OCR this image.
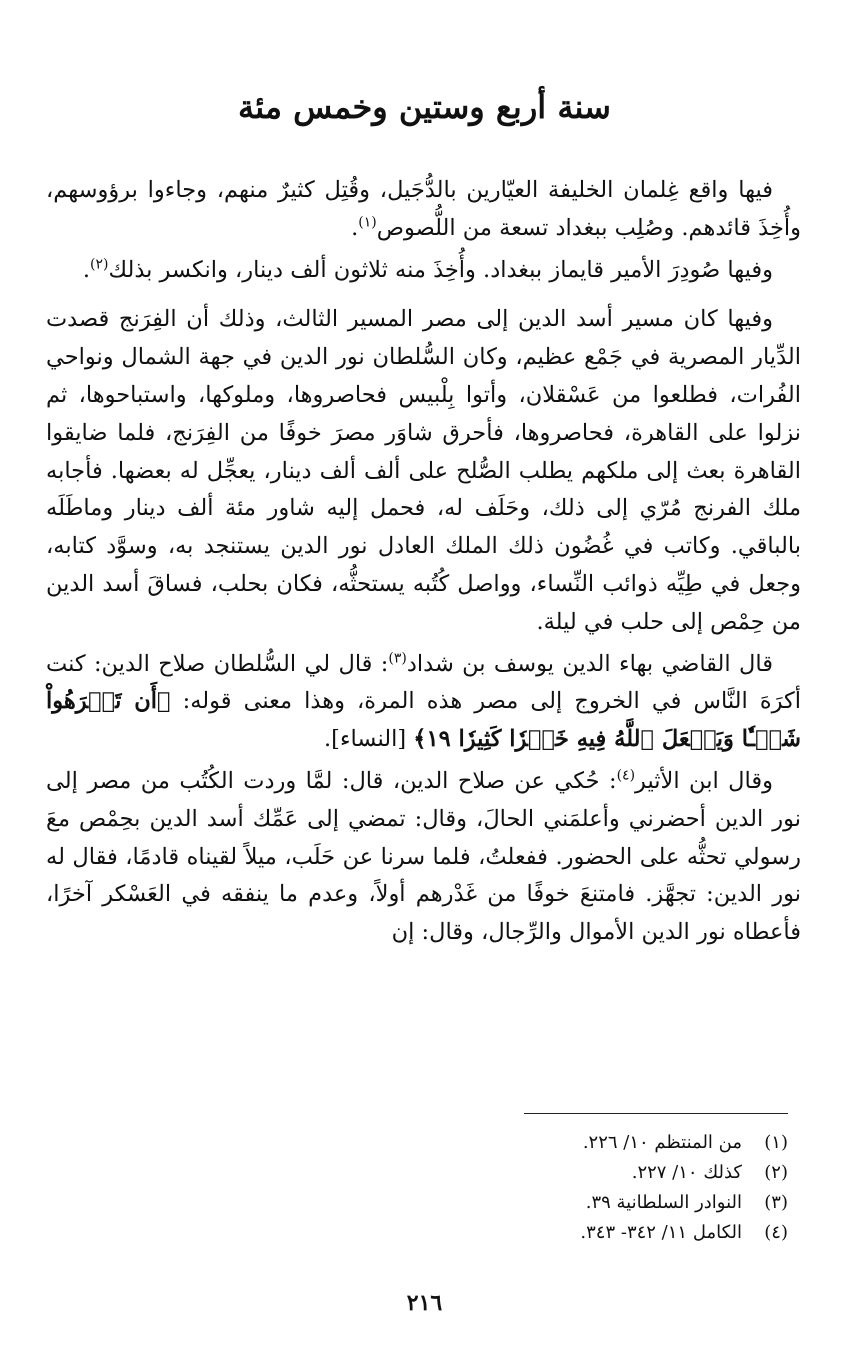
سنة أربع وستين وخمس مئة

فيها واقع غِلمان الخليفة العيّارين بالدُّجَيل، وقُتِل كثيرٌ منهم، وجاءوا برؤوسهم، وأُخِذَ قائدهم. وصُلِب ببغداد تسعة من اللُّصوص$^{(١)}$.

وفيها صُودِرَ الأمير قايماز ببغداد. وأُخِذَ منه ثلاثون ألف دينار، وانكسر بذلك$^{(٢)}$.

وفيها كان مسير أسد الدين إلى مصر المسير الثالث، وذلك أن الفِرَنج قصدت الدِّيار المصرية في جَمْع عظيم، وكان السُّلطان نور الدين في جهة الشمال ونواحي الفُرات، فطلعوا من عَسْقلان، وأتوا بِلْبيس فحاصروها، وملوكها، واستباحوها، ثم نزلوا على القاهرة، فحاصروها، فأحرق شاوَر مصرَ خوفًا من الفِرَنج، فلما ضايقوا القاهرة بعث إلى ملكهم يطلب الصُّلح على ألف ألف دينار، يعجِّل له بعضها. فأجابه ملك الفرنج مُرّي إلى ذلك، وحَلَف له، فحمل إليه شاور مئة ألف دينار وماطَلَه بالباقي. وكاتب في غُضُون ذلك الملك العادل نور الدين يستنجد به، وسوَّد كتابه، وجعل في طِيِّه ذوائب النِّساء، وواصل كُتُبه يستحثُّه، فكان بحلب، فساقَ أسد الدين من حِمْص إلى حلب في ليلة.

قال القاضي بهاء الدين يوسف بن شداد$^{(٣)}$: قال لي السُّلطان صلاح الدين: كنت أكرَهَ النَّاس في الخروج إلى مصر هذه المرة، وهذا معنى قوله: ﴿أَن تَكۡرَهُواْ شَيۡـٔٗا وَيَجۡعَلَ ٱللَّهُ فِيهِ خَيۡرٗا كَثِيرٗا ١٩﴾ [النساء].

وقال ابن الأثير$^{(٤)}$: حُكي عن صلاح الدين، قال: لمَّا وردت الكُتُب من مصر إلى نور الدين أحضرني وأعلمَني الحالَ، وقال: تمضي إلى عَمِّك أسد الدين بحِمْص معَ رسولي تحثُّه على الحضور. ففعلتُ، فلما سرنا عن حَلَب، ميلاً لقيناه قادمًا، فقال له نور الدين: تجهَّز. فامتنعَ خوفًا من غَدْرهم أولاً، وعدم ما ينفقه في العَسْكر آخرًا، فأعطاه نور الدين الأموال والرِّجال، وقال: إن

(١)من المنتظم ١٠/ ٢٢٦.
(٢)كذلك ١٠/ ٢٢٧.
(٣)النوادر السلطانية ٣٩.
(٤)الكامل ١١/ ٣٤٢- ٣٤٣.
٢١٦
